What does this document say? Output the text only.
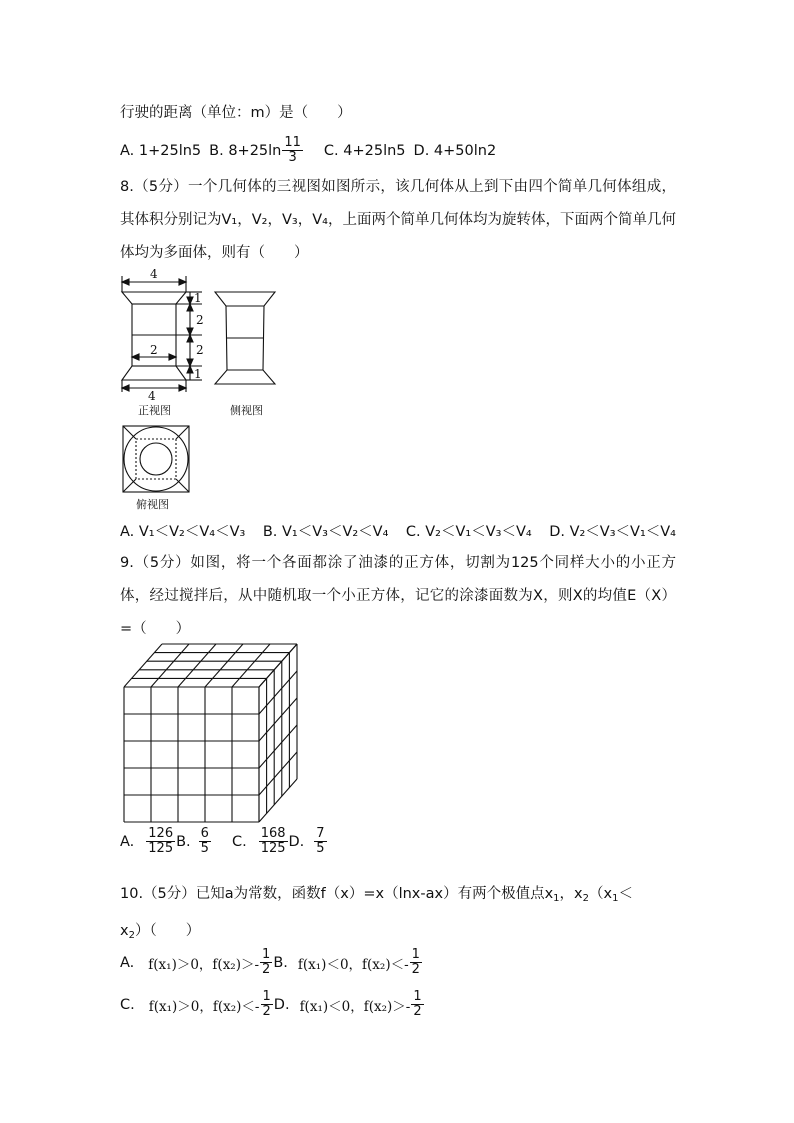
行驶的距离（单位：m）是（　　）
A. 1+25ln5 B. $8+25\ln \frac{11}{3} C$. 4+25ln5 D. 4+50ln2
8.（5分）一个几何体的三视图如图所示，该几何体从上到下由四个简单几何体组成，其体积分别记为V₁，V₂，V₃，V₄，上面两个简单几何体均为旋转体，下面两个简单几何体均为多面体，则有（　　）
4
4
2
1
2
2
1
正视图	侧视图
俯视图
A. V₁＜V₂＜V₄＜V₃ B. V₁＜V₃＜V₂＜V₄ C. V₂＜V₁＜V₃＜V₄ D. V₂＜V₃＜V₁＜V₄
9.（5分）如图，将一个各面都涂了油漆的正方体，切割为125个同样大小的小正方体，经过搅拌后，从中随机取一个小正方体，记它的涂漆面数为X，则X的均值E（X）=（　　）
A. $\frac{126}{125} B$. $\frac{6}{5} C$. $\frac{168}{125} D$. $\frac{7}{5}$
10.（5分）已知a为常数，函数f（x）=x（lnx-ax）有两个极值点$x_1$，$x_2(x_1<$
$x_2$）（　　）
A. f(x₁)＞0，$f(x_2)>- \frac{1}{2} B$. f(x₁)＜0，$f(x_2)<- \frac{1}{2}$
C. f(x₁)＞0，$f(x_2)<- \frac{1}{2} D$. f(x₁)＜0，$f(x_2)>- \frac{1}{2}$
